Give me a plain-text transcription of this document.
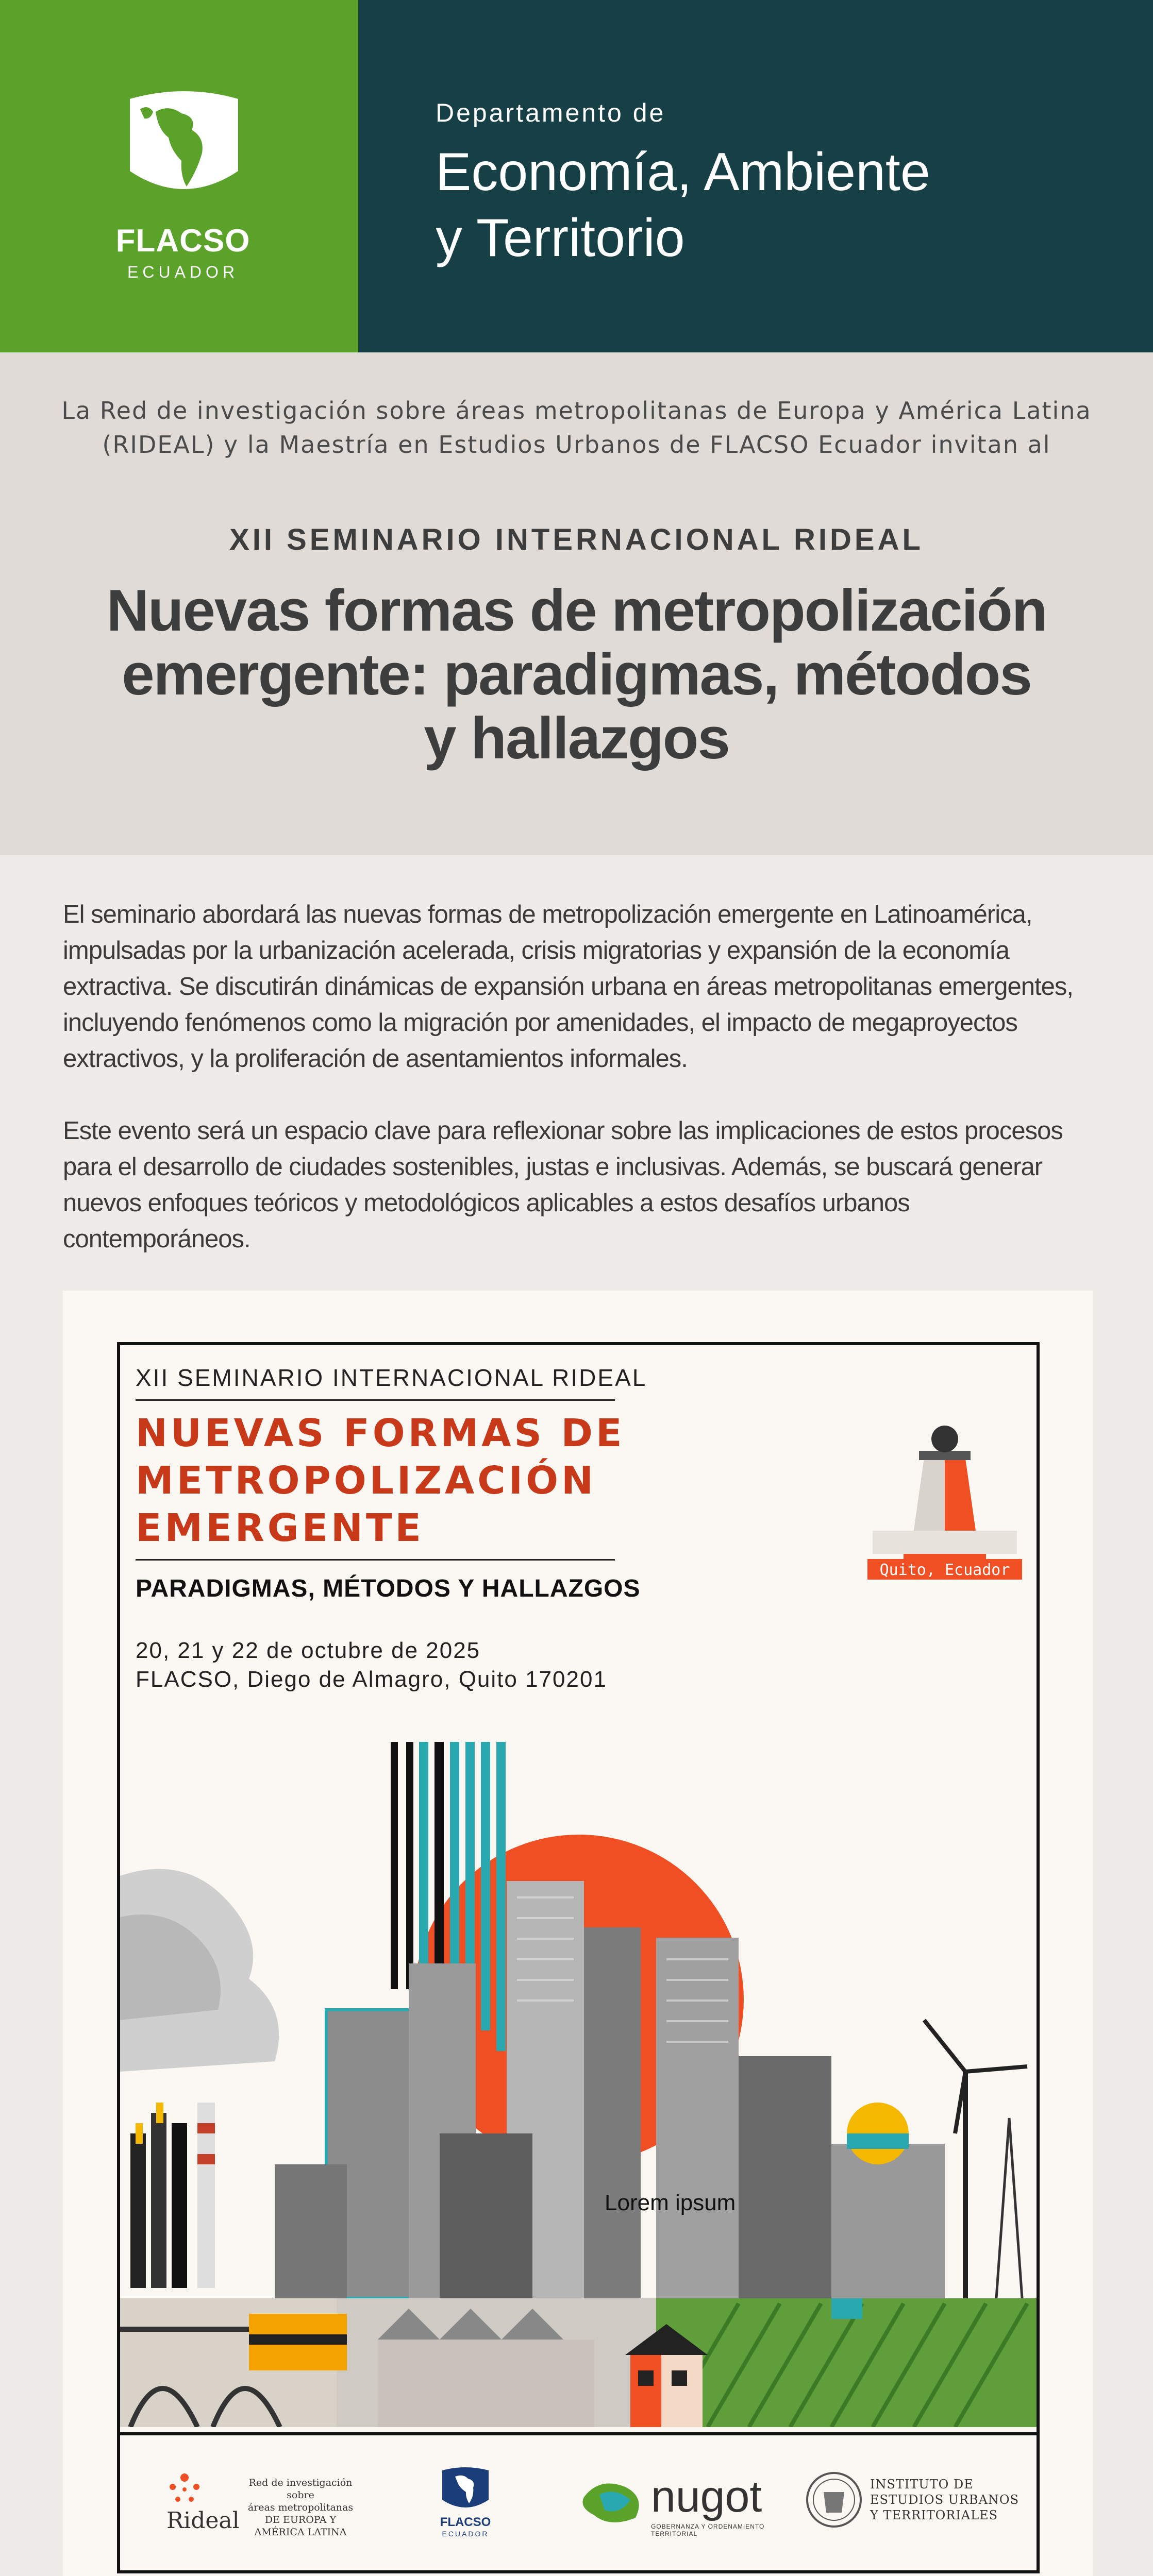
FLACSO
ECUADOR
Departamento de
Economía, Ambiente
y Territorio
La Red de investigación sobre áreas metropolitanas de Europa y América Latina
(RIDEAL) y la Maestría en Estudios Urbanos de FLACSO Ecuador invitan al
XII SEMINARIO INTERNACIONAL RIDEAL
Nuevas formas de metropolización
emergente: paradigmas, métodos
y hallazgos

El seminario abordará las nuevas formas de metropolización emergente en Latinoamérica, impulsadas por la urbanización acelerada, crisis migratorias y expansión de la economía extractiva. Se discutirán dinámicas de expansión urbana en áreas metropolitanas emergentes, incluyendo fenómenos como la migración por amenidades, el impacto de megaproyectos extractivos, y la proliferación de asentamientos informales.

Este evento será un espacio clave para reflexionar sobre las implicaciones de estos procesos para el desarrollo de ciudades sostenibles, justas e inclusivas. Además, se buscará generar nuevos enfoques teóricos y metodológicos aplicables a estos desafíos urbanos contemporáneos.

XII SEMINARIO INTERNACIONAL RIDEAL
NUEVAS FORMAS DE
METROPOLIZACIÓN
EMERGENTE
PARADIGMAS, MÉTODOS Y HALLAZGOS
20, 21 y 22 de octubre de 2025
FLACSO, Diego de Almagro, Quito 170201
Quito, Ecuador
Lorem ipsum
Rideal
Red de investigación sobre
áreas metropolitanas
DE EUROPA Y
AMÉRICA LATINA
FLACSO
ECUADOR
nugot
GOBERNANZA Y ORDENAMIENTO TERRITORIAL
INSTITUTO DE
ESTUDIOS URBANOS
Y TERRITORIALES
